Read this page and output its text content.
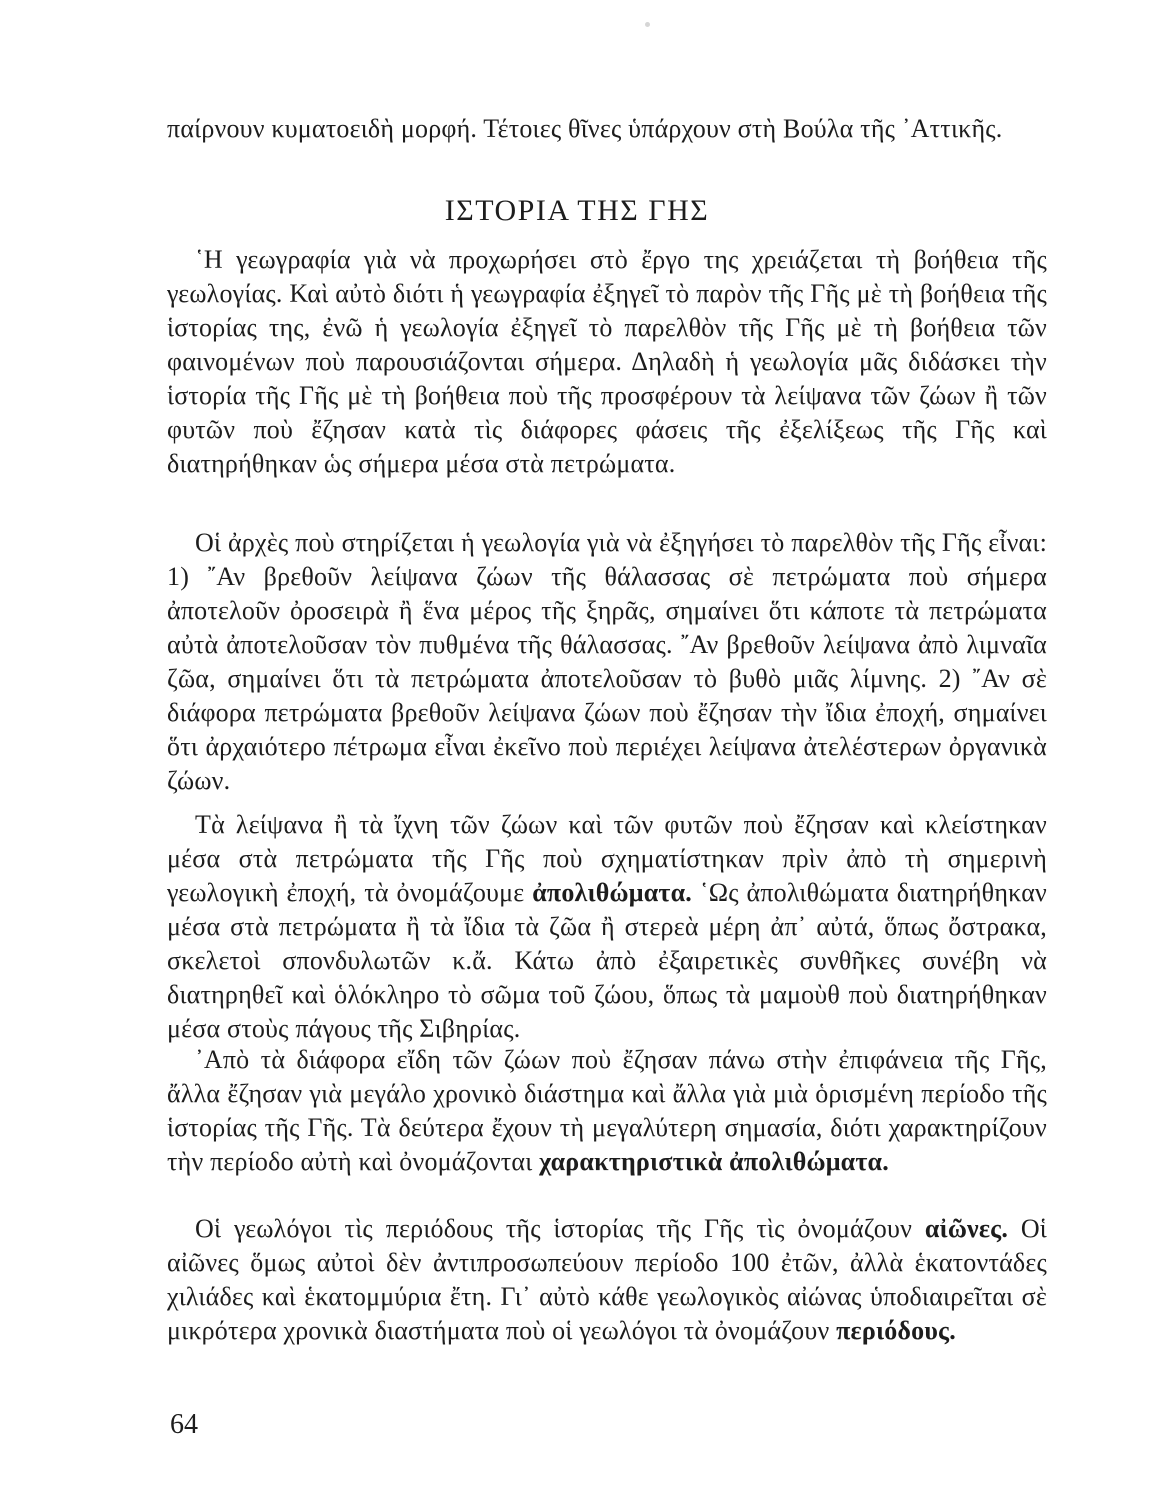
παίρνουν κυματοειδὴ μορφή. Τέτοιες θῖνες ὑπάρχουν στὴ Βούλα τῆς ᾿Αττικῆς.

ΙΣΤΟΡΙΑ ΤΗΣ ΓΗΣ

῾Η γεωγραφία γιὰ νὰ προχωρήσει στὸ ἔργο της χρειάζεται τὴ βοήθεια τῆς γεωλογίας. Καὶ αὐτὸ διότι ἡ γεωγραφία ἐξηγεῖ τὸ παρὸν τῆς Γῆς μὲ τὴ βοήθεια τῆς ἱστορίας της, ἐνῶ ἡ γεωλογία ἐξηγεῖ τὸ παρελθὸν τῆς Γῆς μὲ τὴ βοήθεια τῶν φαινομένων ποὺ παρουσιάζονται σήμερα. Δηλαδὴ ἡ γεωλογία μᾶς διδάσκει τὴν ἱστορία τῆς Γῆς μὲ τὴ βοήθεια ποὺ τῆς προσφέρουν τὰ λείψανα τῶν ζώων ἢ τῶν φυτῶν ποὺ ἔζησαν κατὰ τὶς διάφορες φάσεις τῆς ἐξελίξεως τῆς Γῆς καὶ διατηρήθηκαν ὡς σήμερα μέσα στὰ πετρώματα.

Οἱ ἀρχὲς ποὺ στηρίζεται ἡ γεωλογία γιὰ νὰ ἐξηγήσει τὸ παρελθὸν τῆς Γῆς εἶναι: 1) ῎Αν βρεθοῦν λείψανα ζώων τῆς θάλασσας σὲ πετρώματα ποὺ σήμερα ἀποτελοῦν ὀροσειρὰ ἢ ἕνα μέρος τῆς ξηρᾶς, σημαίνει ὅτι κάποτε τὰ πετρώματα αὐτὰ ἀποτελοῦσαν τὸν πυθμένα τῆς θάλασσας. ῎Αν βρεθοῦν λείψανα ἀπὸ λιμναῖα ζῶα, σημαίνει ὅτι τὰ πετρώματα ἀποτελοῦσαν τὸ βυθὸ μιᾶς λίμνης. 2) ῎Αν σὲ διάφορα πετρώματα βρεθοῦν λείψανα ζώων ποὺ ἔζησαν τὴν ἴδια ἐποχή, σημαίνει ὅτι ἀρχαιότερο πέτρωμα εἶναι ἐκεῖνο ποὺ περιέχει λείψανα ἀτελέστερων ὀργανικὰ ζώων.

Τὰ λείψανα ἢ τὰ ἴχνη τῶν ζώων καὶ τῶν φυτῶν ποὺ ἔζησαν καὶ κλείστηκαν μέσα στὰ πετρώματα τῆς Γῆς ποὺ σχηματίστηκαν πρὶν ἀπὸ τὴ σημερινὴ γεωλογικὴ ἐποχή, τὰ ὀνομάζουμε ἀπολιθώματα. ῾Ως ἀπολιθώματα διατηρήθηκαν μέσα στὰ πετρώματα ἢ τὰ ἴδια τὰ ζῶα ἢ στερεὰ μέρη ἀπ᾿ αὐτά, ὅπως ὄστρακα, σκελετοὶ σπονδυλωτῶν κ.ἄ. Κάτω ἀπὸ ἐξαιρετικὲς συνθῆκες συνέβη νὰ διατηρηθεῖ καὶ ὁλόκληρο τὸ σῶμα τοῦ ζώου, ὅπως τὰ μαμοὺθ ποὺ διατηρήθηκαν μέσα στοὺς πάγους τῆς Σιβηρίας.

᾿Απὸ τὰ διάφορα εἴδη τῶν ζώων ποὺ ἔζησαν πάνω στὴν ἐπιφάνεια τῆς Γῆς, ἄλλα ἔζησαν γιὰ μεγάλο χρονικὸ διάστημα καὶ ἄλλα γιὰ μιὰ ὁρισμένη περίοδο τῆς ἱστορίας τῆς Γῆς. Τὰ δεύτερα ἔχουν τὴ μεγαλύτερη σημασία, διότι χαρακτηρίζουν τὴν περίοδο αὐτὴ καὶ ὀνομάζονται χαρακτηριστικὰ ἀπολιθώματα.

Οἱ γεωλόγοι τὶς περιόδους τῆς ἱστορίας τῆς Γῆς τὶς ὀνομάζουν αἰῶνες. Οἱ αἰῶνες ὅμως αὐτοὶ δὲν ἀντιπροσωπεύουν περίοδο 100 ἐτῶν, ἀλλὰ ἑκατοντάδες χιλιάδες καὶ ἑκατομμύρια ἔτη. Γι᾿ αὐτὸ κάθε γεωλογικὸς αἰώνας ὑποδιαιρεῖται σὲ μικρότερα χρονικὰ διαστήματα ποὺ οἱ γεωλόγοι τὰ ὀνομάζουν περιόδους.

64
